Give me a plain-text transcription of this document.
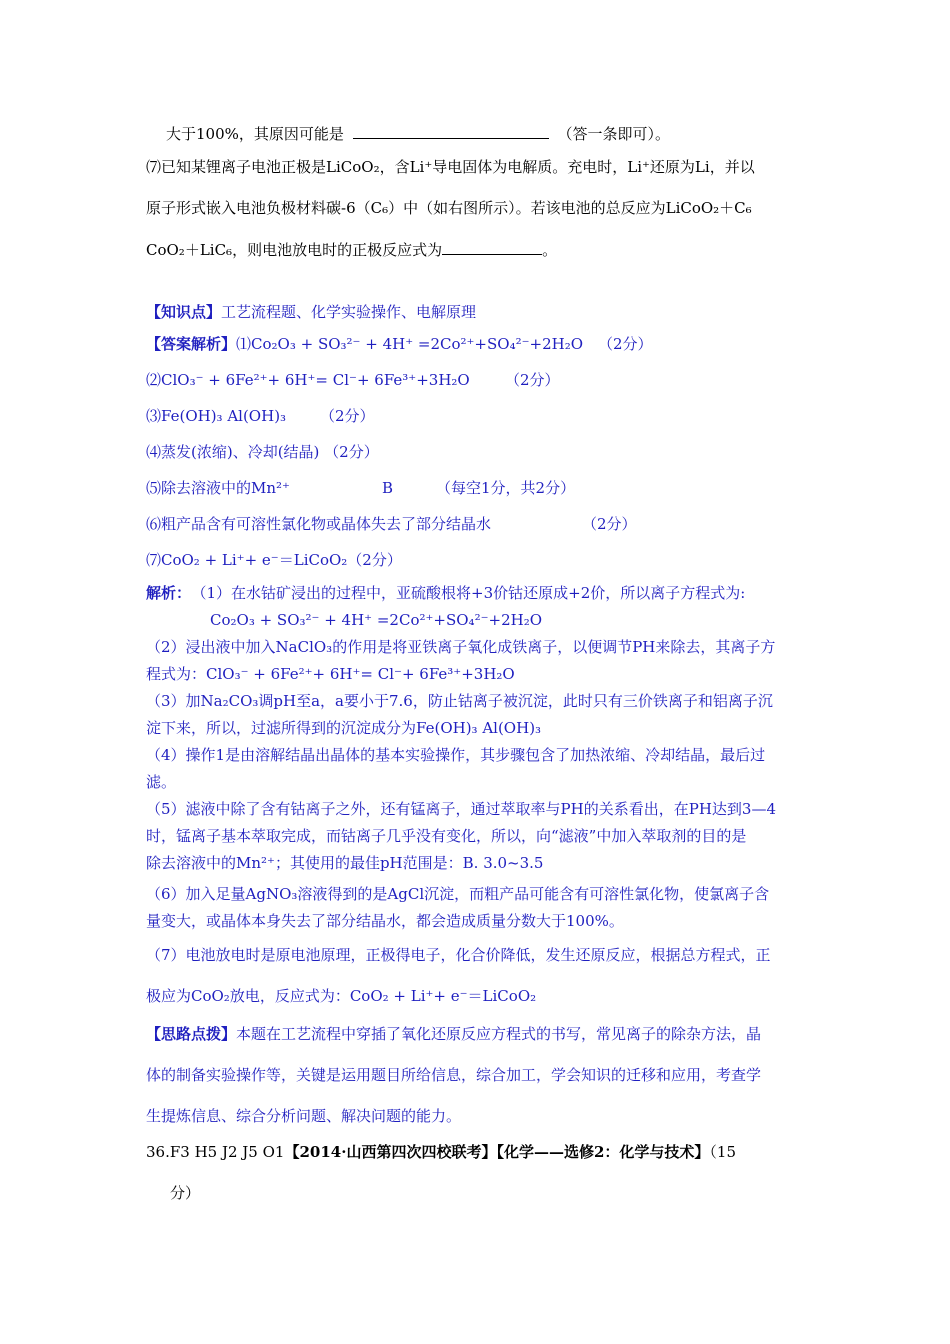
大于100%，其原因可能是	（答一条即可）。
⑺已知某锂离子电池正极是LiCoO₂，含Li⁺导电固体为电解质。充电时，Li⁺还原为Li，并以
原子形式嵌入电池负极材料碳-6（C₆）中（如右图所示）。若该电池的总反应为LiCoO₂＋C₆
CoO₂＋LiC₆，则电池放电时的正极反应式为	。
【知识点】工艺流程题、化学实验操作、电解原理
【答案解析】⑴Co₂O₃ + SO₃²⁻ + 4H⁺ =2Co²⁺+SO₄²⁻+2H₂O （2分）
⑵ClO₃⁻ + 6Fe²⁺+ 6H⁺= Cl⁻+ 6Fe³⁺+3H₂O （2分）
⑶Fe(OH)₃ Al(OH)₃ （2分）
⑷蒸发(浓缩)、冷却(结晶) （2分）
⑸除去溶液中的Mn²⁺	B	（每空1分，共2分）
⑹粗产品含有可溶性氯化物或晶体失去了部分结晶水	（2分）
⑺CoO₂ + Li⁺+ e⁻＝LiCoO₂（2分）
解析： （1）在水钴矿浸出的过程中，亚硫酸根将+3价钴还原成+2价，所以离子方程式为:
Co₂O₃ + SO₃²⁻ + 4H⁺ =2Co²⁺+SO₄²⁻+2H₂O
（2）浸出液中加入NaClO₃的作用是将亚铁离子氧化成铁离子，以便调节PH来除去，其离子方
程式为：ClO₃⁻ + 6Fe²⁺+ 6H⁺= Cl⁻+ 6Fe³⁺+3H₂O
（3）加Na₂CO₃调pH至a，a要小于7.6，防止钴离子被沉淀，此时只有三价铁离子和铝离子沉
淀下来，所以，过滤所得到的沉淀成分为Fe(OH)₃ Al(OH)₃
（4）操作1是由溶解结晶出晶体的基本实验操作，其步骤包含了加热浓缩、冷却结晶，最后过
滤。
（5）滤液中除了含有钴离子之外，还有锰离子，通过萃取率与PH的关系看出，在PH达到3—4
时，锰离子基本萃取完成，而钴离子几乎没有变化，所以，向“滤液”中加入萃取剂的目的是
除去溶液中的Mn²⁺；其使用的最佳pH范围是：B. 3.0~3.5
（6）加入足量AgNO₃溶液得到的是AgCl沉淀，而粗产品可能含有可溶性氯化物，使氯离子含
量变大，或晶体本身失去了部分结晶水，都会造成质量分数大于100%。
（7）电池放电时是原电池原理，正极得电子，化合价降低，发生还原反应，根据总方程式，正
极应为CoO₂放电，反应式为：CoO₂ + Li⁺+ e⁻＝LiCoO₂
【思路点拨】本题在工艺流程中穿插了氧化还原反应方程式的书写，常见离子的除杂方法，晶
体的制备实验操作等，关键是运用题目所给信息，综合加工，学会知识的迁移和应用，考查学
生提炼信息、综合分析问题、解决问题的能力。
36.F3 H5 J2 J5 O1【2014·山西第四次四校联考】【化学——选修2：化学与技术】（15
分）
